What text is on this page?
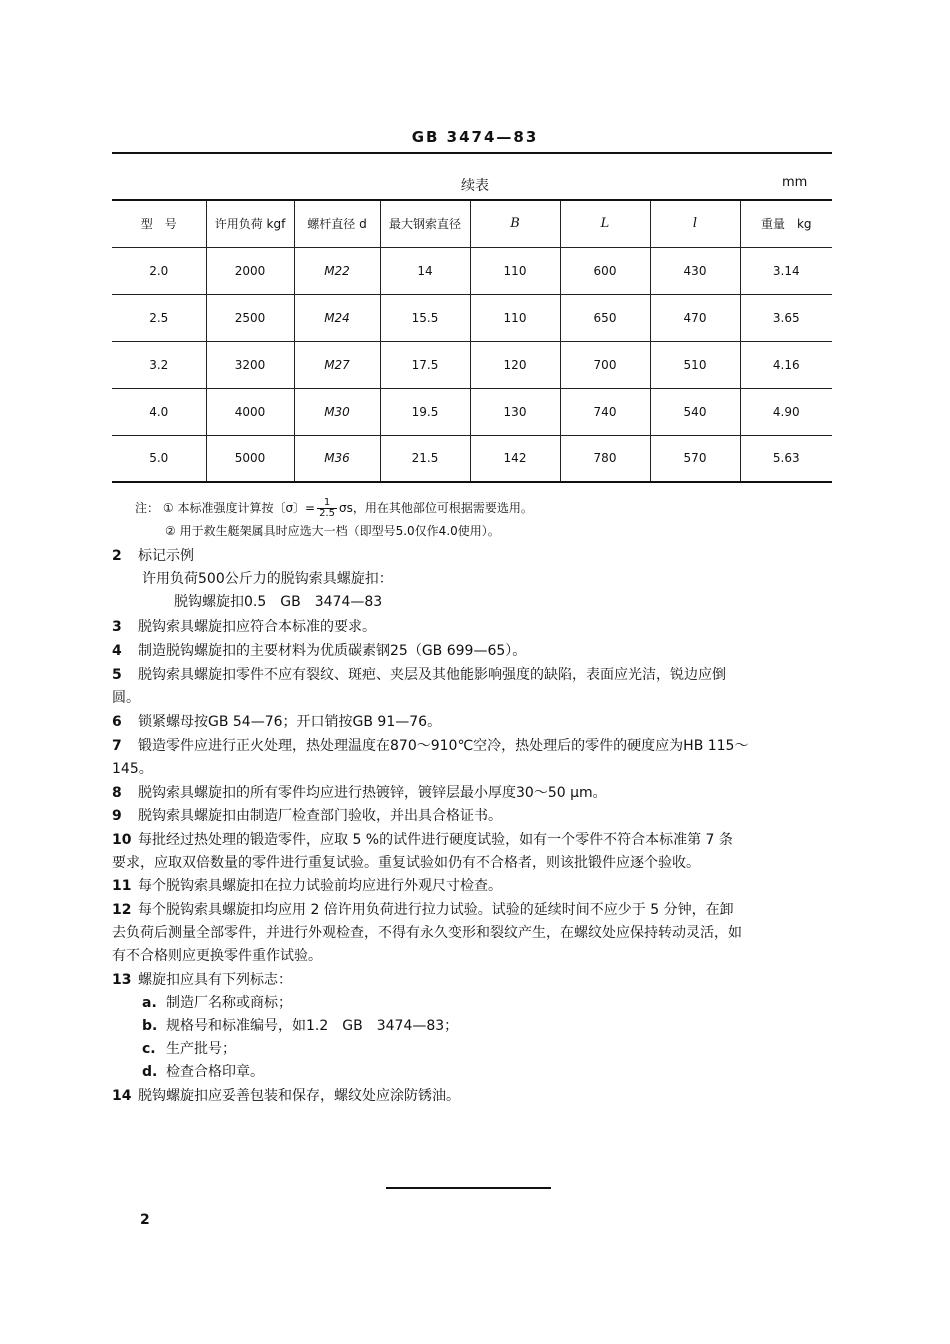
GB 3474—83
续表	mm
型　号	许用负荷 kgf	螺杆直径 d	最大钢索直径	B	L	l	重量　kg
2.0	2000	M22	14	110	600	430	3.14
2.5	2500	M24	15.5	110	650	470	3.65
3.2	3200	M27	17.5	120	700	510	4.16
4.0	4000	M30	19.5	130	740	540	4.90
5.0	5000	M36	21.5	142	780	570	5.63
注： ① 本标准强度计算按〔σ〕= $\frac{1}{2.5}$ σs，用在其他部位可根据需要选用。
② 用于救生艇架属具时应选大一档（即型号5.0仅作4.0使用）。
2 标记示例
许用负荷500公斤力的脱钩索具螺旋扣：
脱钩螺旋扣0.5　GB　3474—83
3 脱钩索具螺旋扣应符合本标准的要求。
4 制造脱钩螺旋扣的主要材料为优质碳素钢25（GB 699—65）。
5 脱钩索具螺旋扣零件不应有裂纹、斑疤、夹层及其他能影响强度的缺陷，表面应光洁，锐边应倒
圆。
6 锁紧螺母按GB 54—76；开口销按GB 91—76。
7 锻造零件应进行正火处理，热处理温度在870～910℃空冷，热处理后的零件的硬度应为HB 115～
145。
8 脱钩索具螺旋扣的所有零件均应进行热镀锌，镀锌层最小厚度30～50 μm。
9 脱钩索具螺旋扣由制造厂检查部门验收，并出具合格证书。
10 每批经过热处理的锻造零件，应取 5 %的试件进行硬度试验，如有一个零件不符合本标准第 7 条
要求，应取双倍数量的零件进行重复试验。重复试验如仍有不合格者，则该批锻件应逐个验收。
11 每个脱钩索具螺旋扣在拉力试验前均应进行外观尺寸检查。
12 每个脱钩索具螺旋扣均应用 2 倍许用负荷进行拉力试验。试验的延续时间不应少于 5 分钟，在卸
去负荷后测量全部零件，并进行外观检查，不得有永久变形和裂纹产生，在螺纹处应保持转动灵活，如
有不合格则应更换零件重作试验。
13 螺旋扣应具有下列标志：
a. 制造厂名称或商标；
b. 规格号和标准编号，如1.2　GB　3474—83；
c. 生产批号；
d. 检查合格印章。
14 脱钩螺旋扣应妥善包装和保存，螺纹处应涂防锈油。
2
